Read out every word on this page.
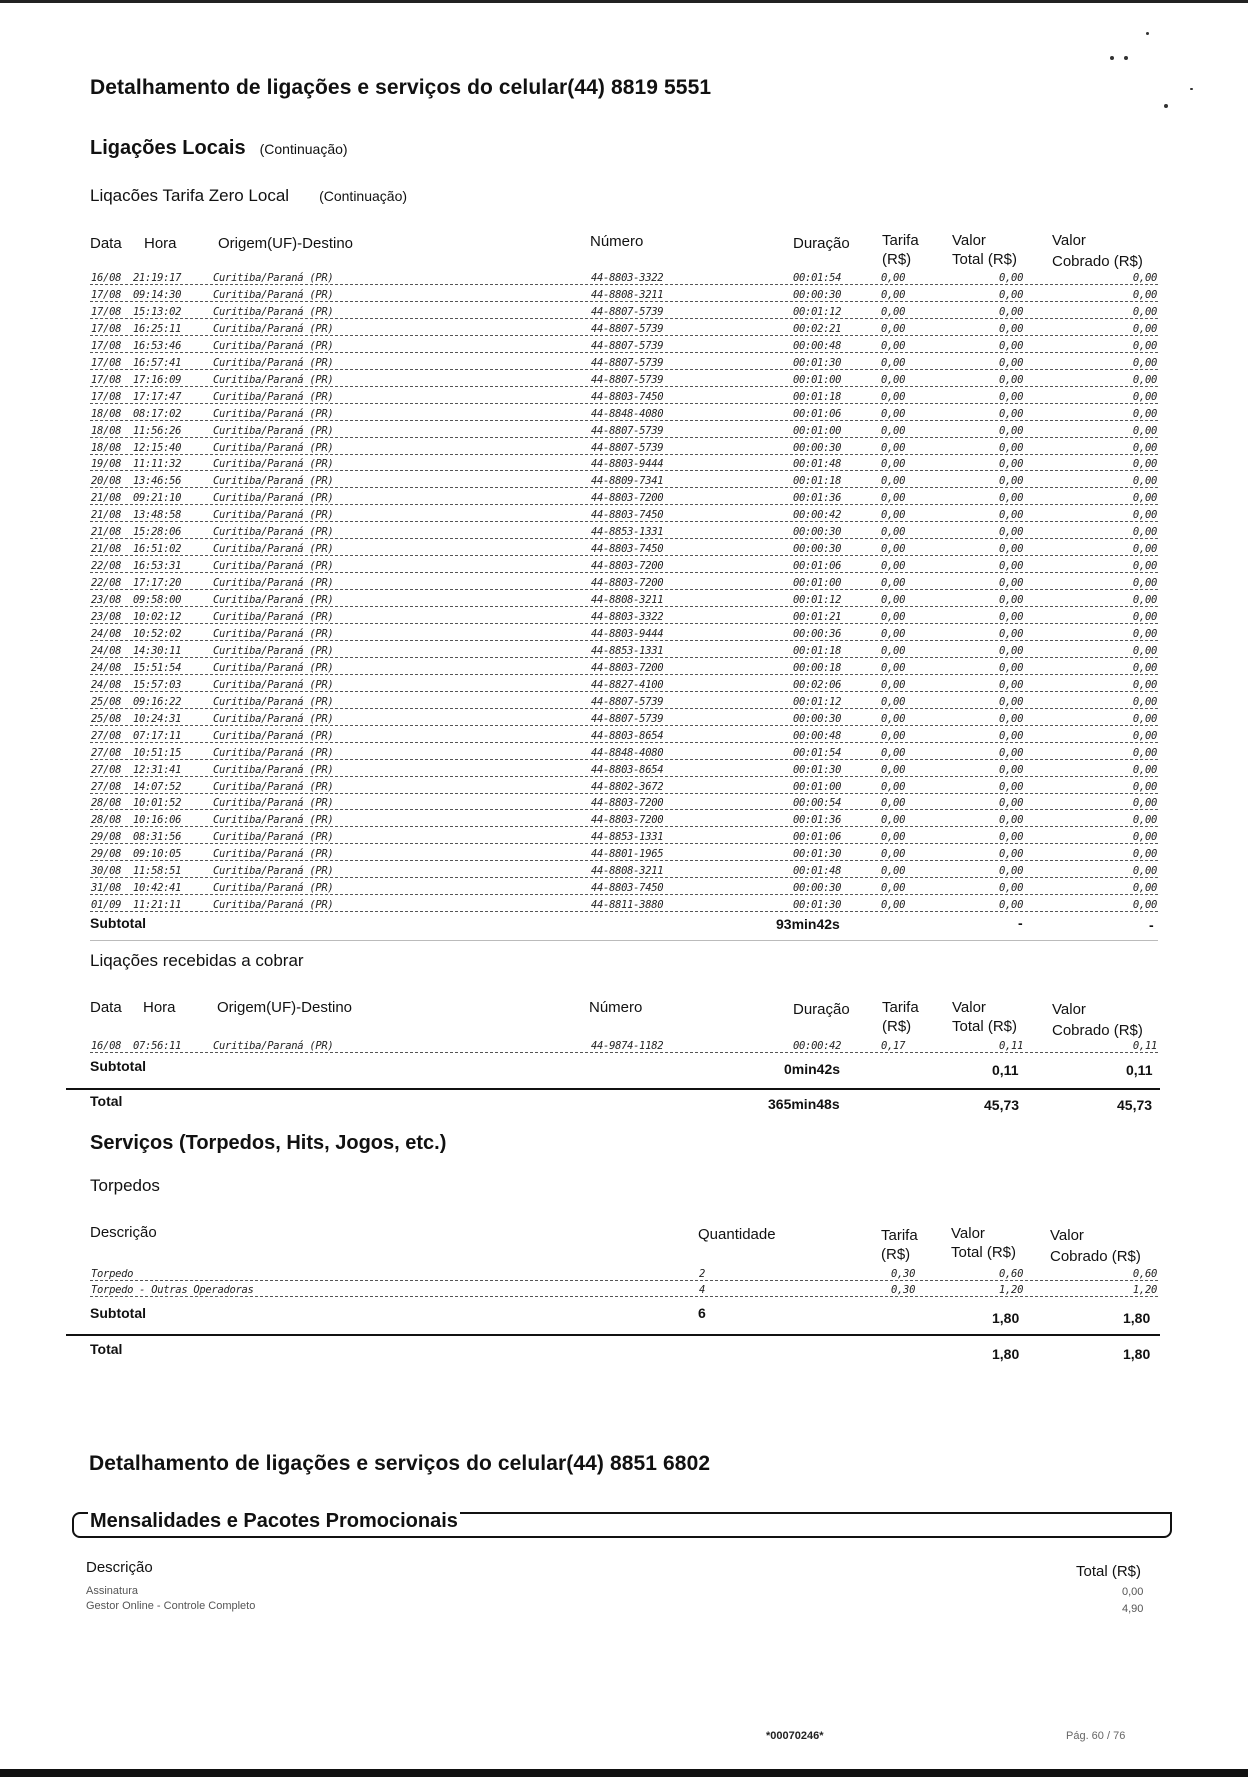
Detalhamento de ligações e serviços do celular(44) 8819 5551
Ligações Locais (Continuação)
Liqacões Tarifa Zero Local (Continuação)
Data Hora	Origem(UF)-Destino	Número	Duração Tarifa
(R$)
Valor
Total (R$)
Valor
Cobrado (R$)
16/08 21:19:17	Curitiba/Paraná (PR)	44-8803-3322	00:01:54	0,00	0,00	0,00
17/08 09:14:30	Curitiba/Paraná (PR)	44-8808-3211	00:00:30	0,00	0,00	0,00
17/08 15:13:02	Curitiba/Paraná (PR)	44-8807-5739	00:01:12	0,00	0,00	0,00
17/08 16:25:11	Curitiba/Paraná (PR)	44-8807-5739	00:02:21	0,00	0,00	0,00
17/08 16:53:46	Curitiba/Paraná (PR)	44-8807-5739	00:00:48	0,00	0,00	0,00
17/08 16:57:41	Curitiba/Paraná (PR)	44-8807-5739	00:01:30	0,00	0,00	0,00
17/08 17:16:09	Curitiba/Paraná (PR)	44-8807-5739	00:01:00	0,00	0,00	0,00
17/08 17:17:47	Curitiba/Paraná (PR)	44-8803-7450	00:01:18	0,00	0,00	0,00
18/08 08:17:02	Curitiba/Paraná (PR)	44-8848-4080	00:01:06	0,00	0,00	0,00
18/08 11:56:26	Curitiba/Paraná (PR)	44-8807-5739	00:01:00	0,00	0,00	0,00
18/08 12:15:40	Curitiba/Paraná (PR)	44-8807-5739	00:00:30	0,00	0,00	0,00
19/08 11:11:32	Curitiba/Paraná (PR)	44-8803-9444	00:01:48	0,00	0,00	0,00
20/08 13:46:56	Curitiba/Paraná (PR)	44-8809-7341	00:01:18	0,00	0,00	0,00
21/08 09:21:10	Curitiba/Paraná (PR)	44-8803-7200	00:01:36	0,00	0,00	0,00
21/08 13:48:58	Curitiba/Paraná (PR)	44-8803-7450	00:00:42	0,00	0,00	0,00
21/08 15:28:06	Curitiba/Paraná (PR)	44-8853-1331	00:00:30	0,00	0,00	0,00
21/08 16:51:02	Curitiba/Paraná (PR)	44-8803-7450	00:00:30	0,00	0,00	0,00
22/08 16:53:31	Curitiba/Paraná (PR)	44-8803-7200	00:01:06	0,00	0,00	0,00
22/08 17:17:20	Curitiba/Paraná (PR)	44-8803-7200	00:01:00	0,00	0,00	0,00
23/08 09:58:00	Curitiba/Paraná (PR)	44-8808-3211	00:01:12	0,00	0,00	0,00
23/08 10:02:12	Curitiba/Paraná (PR)	44-8803-3322	00:01:21	0,00	0,00	0,00
24/08 10:52:02	Curitiba/Paraná (PR)	44-8803-9444	00:00:36	0,00	0,00	0,00
24/08 14:30:11	Curitiba/Paraná (PR)	44-8853-1331	00:01:18	0,00	0,00	0,00
24/08 15:51:54	Curitiba/Paraná (PR)	44-8803-7200	00:00:18	0,00	0,00	0,00
24/08 15:57:03	Curitiba/Paraná (PR)	44-8827-4100	00:02:06	0,00	0,00	0,00
25/08 09:16:22	Curitiba/Paraná (PR)	44-8807-5739	00:01:12	0,00	0,00	0,00
25/08 10:24:31	Curitiba/Paraná (PR)	44-8807-5739	00:00:30	0,00	0,00	0,00
27/08 07:17:11	Curitiba/Paraná (PR)	44-8803-8654	00:00:48	0,00	0,00	0,00
27/08 10:51:15	Curitiba/Paraná (PR)	44-8848-4080	00:01:54	0,00	0,00	0,00
27/08 12:31:41	Curitiba/Paraná (PR)	44-8803-8654	00:01:30	0,00	0,00	0,00
27/08 14:07:52	Curitiba/Paraná (PR)	44-8802-3672	00:01:00	0,00	0,00	0,00
28/08 10:01:52	Curitiba/Paraná (PR)	44-8803-7200	00:00:54	0,00	0,00	0,00
28/08 10:16:06	Curitiba/Paraná (PR)	44-8803-7200	00:01:36	0,00	0,00	0,00
29/08 08:31:56	Curitiba/Paraná (PR)	44-8853-1331	00:01:06	0,00	0,00	0,00
29/08 09:10:05	Curitiba/Paraná (PR)	44-8801-1965	00:01:30	0,00	0,00	0,00
30/08 11:58:51	Curitiba/Paraná (PR)	44-8808-3211	00:01:48	0,00	0,00	0,00
31/08 10:42:41	Curitiba/Paraná (PR)	44-8803-7450	00:00:30	0,00	0,00	0,00
01/09 11:21:11	Curitiba/Paraná (PR)	44-8811-3880	00:01:30	0,00	0,00	0,00
Subtotal	93min42s	-	-
Liqações recebidas a cobrar
Data Hora	Origem(UF)-Destino	Número	Duração Tarifa
(R$)
Valor
Total (R$)
Valor
Cobrado (R$)
16/08 07:56:11	Curitiba/Paraná (PR)	44-9874-1182	00:00:42	0,17	0,11	0,11
Subtotal	0min42s	0,11	0,11
Total	365min48s	45,73	45,73
Serviços (Torpedos, Hits, Jogos, etc.)
Torpedos
Descrição	Quantidade	Tarifa
(R$)
Valor
Total (R$)
Valor
Cobrado (R$)
Torpedo	2	0,30	0,60	0,60
Torpedo - Outras Operadoras	4	0,30	1,20	1,20
Subtotal	6	1,80	1,80
Total	1,80	1,80
Detalhamento de ligações e serviços do celular(44) 8851 6802
Mensalidades e Pacotes Promocionais
Descrição	Total (R$)
Assinatura	0,00
Gestor Online - Controle Completo	4,90
*00070246*	Pág. 60 / 76
